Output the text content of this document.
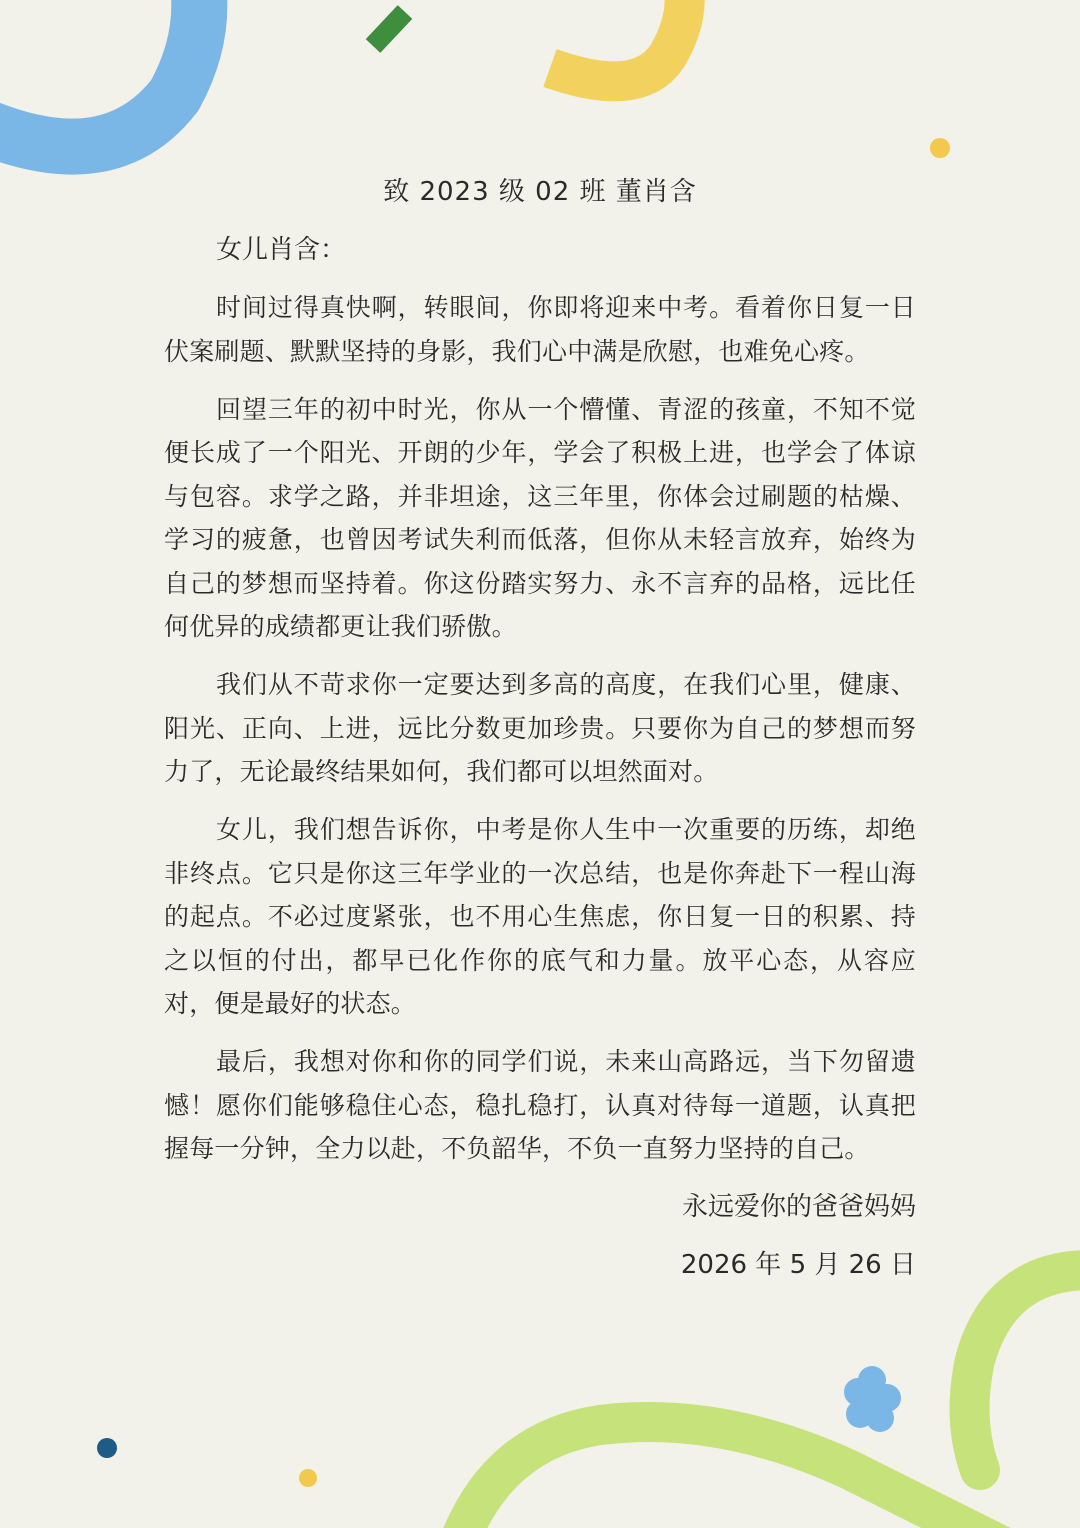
致 2023 级 02 班 董肖含
女儿肖含：

时间过得真快啊，转眼间，你即将迎来中考。看着你日复一日伏案刷题、默默坚持的身影，我们心中满是欣慰，也难免心疼。

回望三年的初中时光，你从一个懵懂、青涩的孩童，不知不觉便长成了一个阳光、开朗的少年，学会了积极上进，也学会了体谅与包容。求学之路，并非坦途，这三年里，你体会过刷题的枯燥、学习的疲惫，也曾因考试失利而低落，但你从未轻言放弃，始终为自己的梦想而坚持着。你这份踏实努力、永不言弃的品格，远比任何优异的成绩都更让我们骄傲。

我们从不苛求你一定要达到多高的高度，在我们心里，健康、阳光、正向、上进，远比分数更加珍贵。只要你为自己的梦想而努力了，无论最终结果如何，我们都可以坦然面对。

女儿，我们想告诉你，中考是你人生中一次重要的历练，却绝非终点。它只是你这三年学业的一次总结，也是你奔赴下一程山海的起点。不必过度紧张，也不用心生焦虑，你日复一日的积累、持之以恒的付出，都早已化作你的底气和力量。放平心态，从容应对，便是最好的状态。

最后，我想对你和你的同学们说，未来山高路远，当下勿留遗憾！愿你们能够稳住心态，稳扎稳打，认真对待每一道题，认真把握每一分钟，全力以赴，不负韶华，不负一直努力坚持的自己。

永远爱你的爸爸妈妈
2026 年 5 月 26 日
